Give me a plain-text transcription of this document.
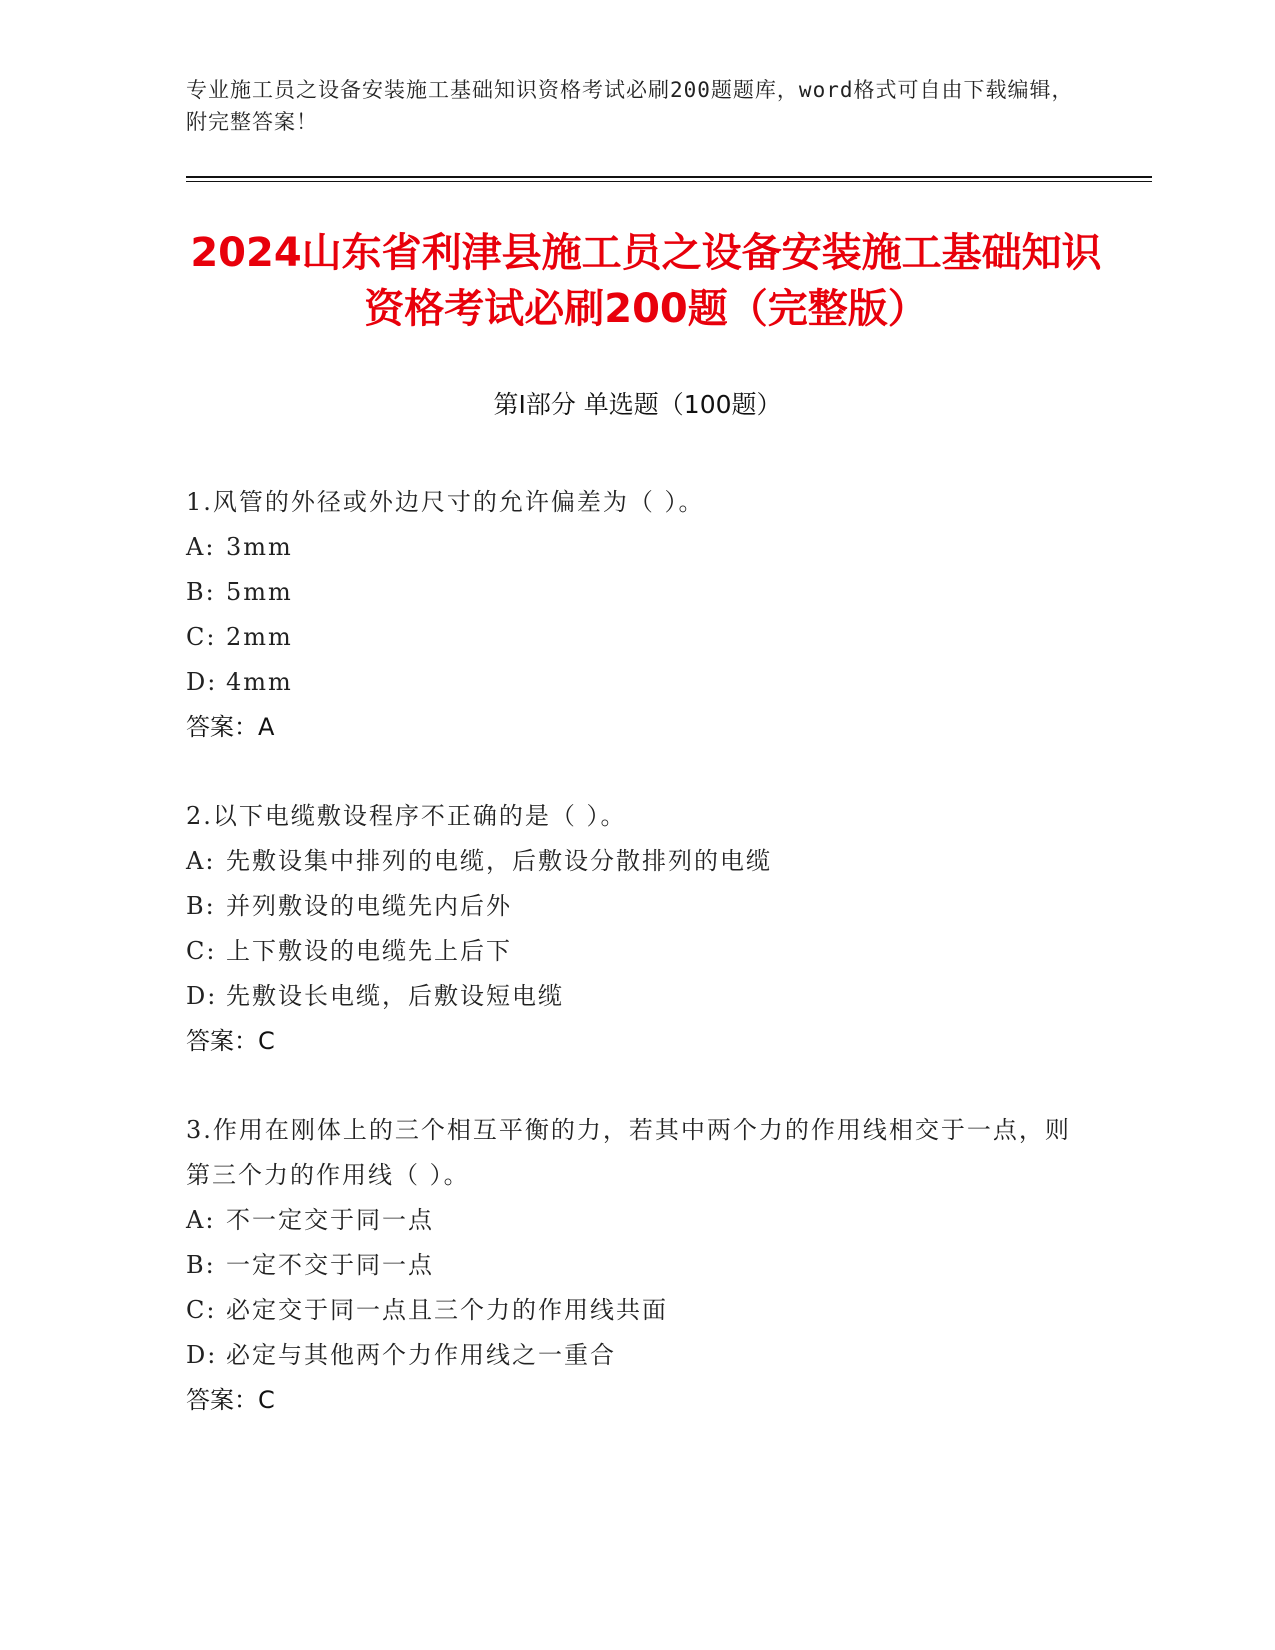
专业施工员之设备安装施工基础知识资格考试必刷200题题库，word格式可自由下载编辑，附完整答案！
2024山东省利津县施工员之设备安装施工基础知识资格考试必刷200题（完整版）
第I部分 单选题（100题）
1.风管的外径或外边尺寸的允许偏差为（ ）。
A: 3mm
B: 5mm
C: 2mm
D: 4mm
答案：A
2.以下电缆敷设程序不正确的是（ ）。
A: 先敷设集中排列的电缆，后敷设分散排列的电缆
B: 并列敷设的电缆先内后外
C: 上下敷设的电缆先上后下
D: 先敷设长电缆，后敷设短电缆
答案：C
3.作用在刚体上的三个相互平衡的力，若其中两个力的作用线相交于一点，则第三个力的作用线（ ）。
A: 不一定交于同一点
B: 一定不交于同一点
C: 必定交于同一点且三个力的作用线共面
D: 必定与其他两个力作用线之一重合
答案：C
